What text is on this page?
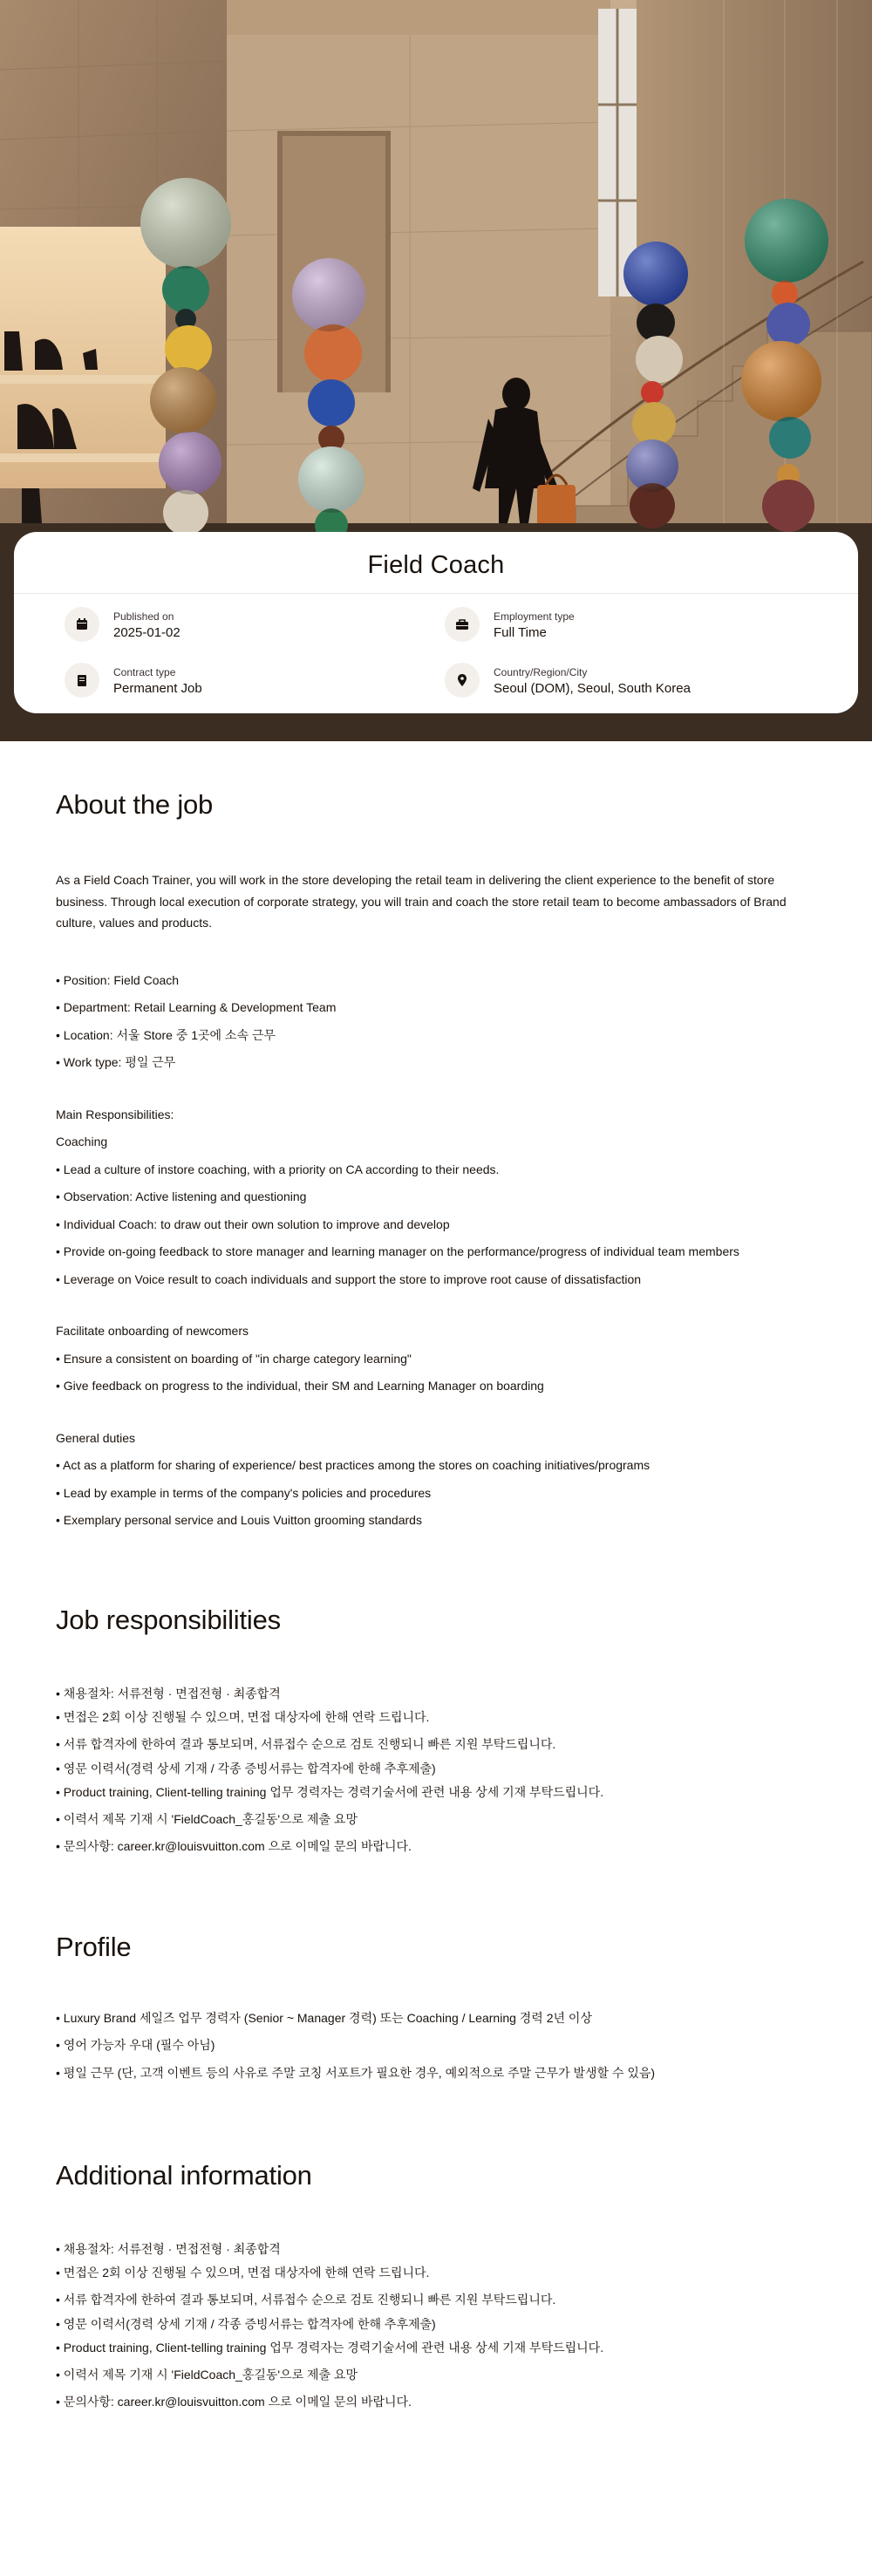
Field Coach
Published on
2025-01-02
Employment type
Full Time
Contract type
Permanent Job
Country/Region/City
Seoul (DOM), Seoul, South Korea
About the job

As a Field Coach Trainer, you will work in the store developing the retail team in delivering the client experience to the benefit of store business. Through local execution of corporate strategy, you will train and coach the store retail team to become ambassadors of Brand culture, values and products.

• Position: Field Coach
• Department: Retail Learning & Development Team
• Location: 서울 Store 중 1곳에 소속 근무
• Work type: 평일 근무
Main Responsibilities:
Coaching
• Lead a culture of instore coaching, with a priority on CA according to their needs.
• Observation: Active listening and questioning
• Individual Coach: to draw out their own solution to improve and develop
• Provide on-going feedback to store manager and learning manager on the performance/progress of individual team members
• Leverage on Voice result to coach individuals and support the store to improve root cause of dissatisfaction
Facilitate onboarding of newcomers
• Ensure a consistent on boarding of "in charge category learning"
• Give feedback on progress to the individual, their SM and Learning Manager on boarding
General duties
• Act as a platform for sharing of experience/ best practices among the stores on coaching initiatives/programs
• Lead by example in terms of the company's policies and procedures
• Exemplary personal service and Louis Vuitton grooming standards
Job responsibilities
• 채용절차: 서류전형 · 면접전형 · 최종합격
• 면접은 2회 이상 진행될 수 있으며, 면접 대상자에 한해 연락 드립니다.
• 서류 합격자에 한하여 결과 통보되며, 서류접수 순으로 검토 진행되니 빠른 지원 부탁드립니다.
• 영문 이력서(경력 상세 기재 / 각종 증빙서류는 합격자에 한해 추후제출)
• Product training, Client-telling training 업무 경력자는 경력기술서에 관련 내용 상세 기재 부탁드립니다.
• 이력서 제목 기재 시 'FieldCoach_홍길동'으로 제출 요망
• 문의사항: career.kr@louisvuitton.com 으로 이메일 문의 바랍니다.
Profile
• Luxury Brand 세일즈 업무 경력자 (Senior ~ Manager 경력) 또는 Coaching / Learning 경력 2년 이상
• 영어 가능자 우대 (필수 아님)
• 평일 근무 (단, 고객 이벤트 등의 사유로 주말 코칭 서포트가 필요한 경우, 예외적으로 주말 근무가 발생할 수 있음)
Additional information
• 채용절차: 서류전형 · 면접전형 · 최종합격
• 면접은 2회 이상 진행될 수 있으며, 면접 대상자에 한해 연락 드립니다.
• 서류 합격자에 한하여 결과 통보되며, 서류접수 순으로 검토 진행되니 빠른 지원 부탁드립니다.
• 영문 이력서(경력 상세 기재 / 각종 증빙서류는 합격자에 한해 추후제출)
• Product training, Client-telling training 업무 경력자는 경력기술서에 관련 내용 상세 기재 부탁드립니다.
• 이력서 제목 기재 시 'FieldCoach_홍길동'으로 제출 요망
• 문의사항: career.kr@louisvuitton.com 으로 이메일 문의 바랍니다.
